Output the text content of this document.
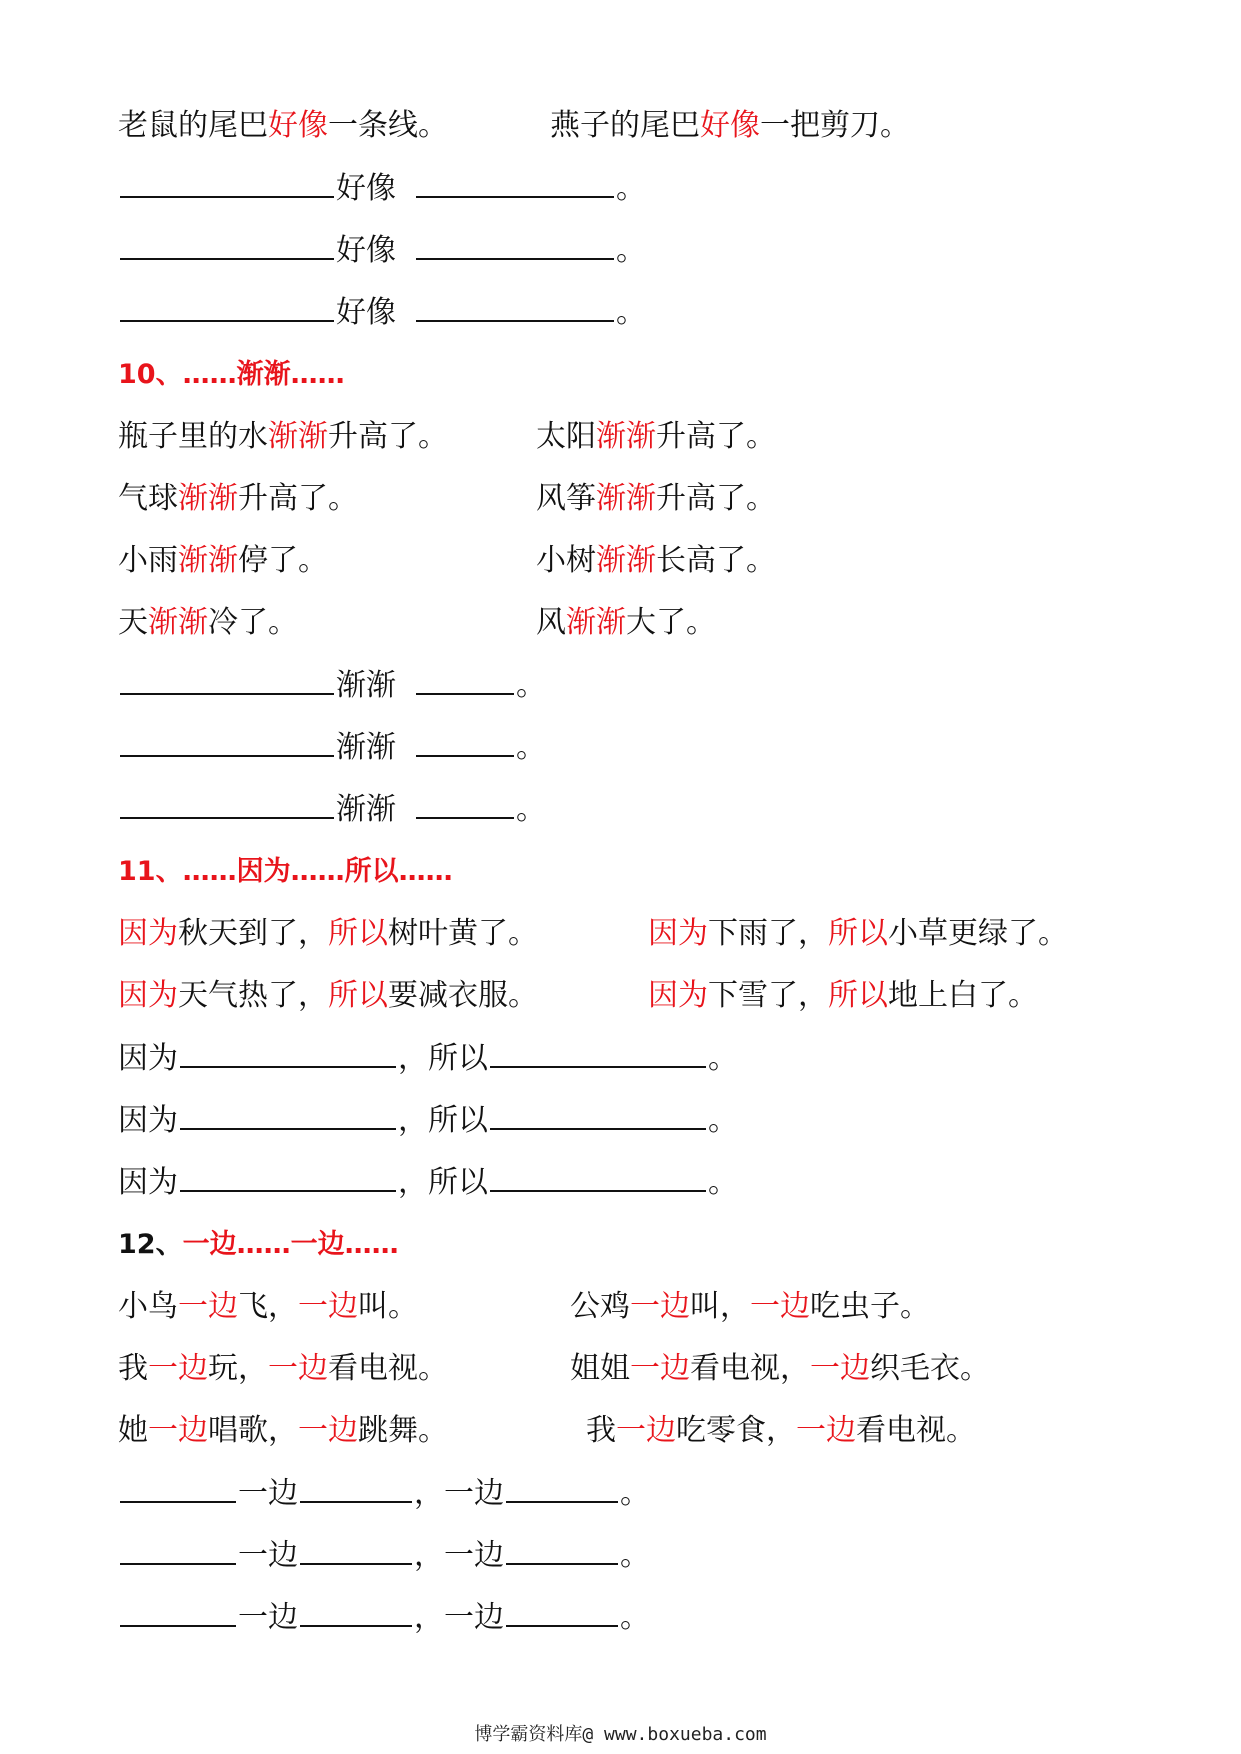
老鼠的尾巴好像一条线。	燕子的尾巴好像一把剪刀。
好像	。
好像	。
好像	。
10、……渐渐……
瓶子里的水渐渐升高了。	太阳渐渐升高了。
气球渐渐升高了。	风筝渐渐升高了。
小雨渐渐停了。	小树渐渐长高了。
天渐渐冷了。	风渐渐大了。
渐渐	。
渐渐	。
渐渐	。
11、……因为……所以……
因为秋天到了，所以树叶黄了。	因为下雨了，所以小草更绿了。
因为天气热了，所以要减衣服。	因为下雪了，所以地上白了。
因为	，所以	。
因为	，所以	。
因为	，所以	。
12、一边……一边……
小鸟一边飞，一边叫。	公鸡一边叫，一边吃虫子。
我一边玩，一边看电视。	姐姐一边看电视，一边织毛衣。
她一边唱歌，一边跳舞。	我一边吃零食，一边看电视。
一边	，一边	。
一边	，一边	。
一边	，一边	。
博学霸资料库@ www.boxueba.com
